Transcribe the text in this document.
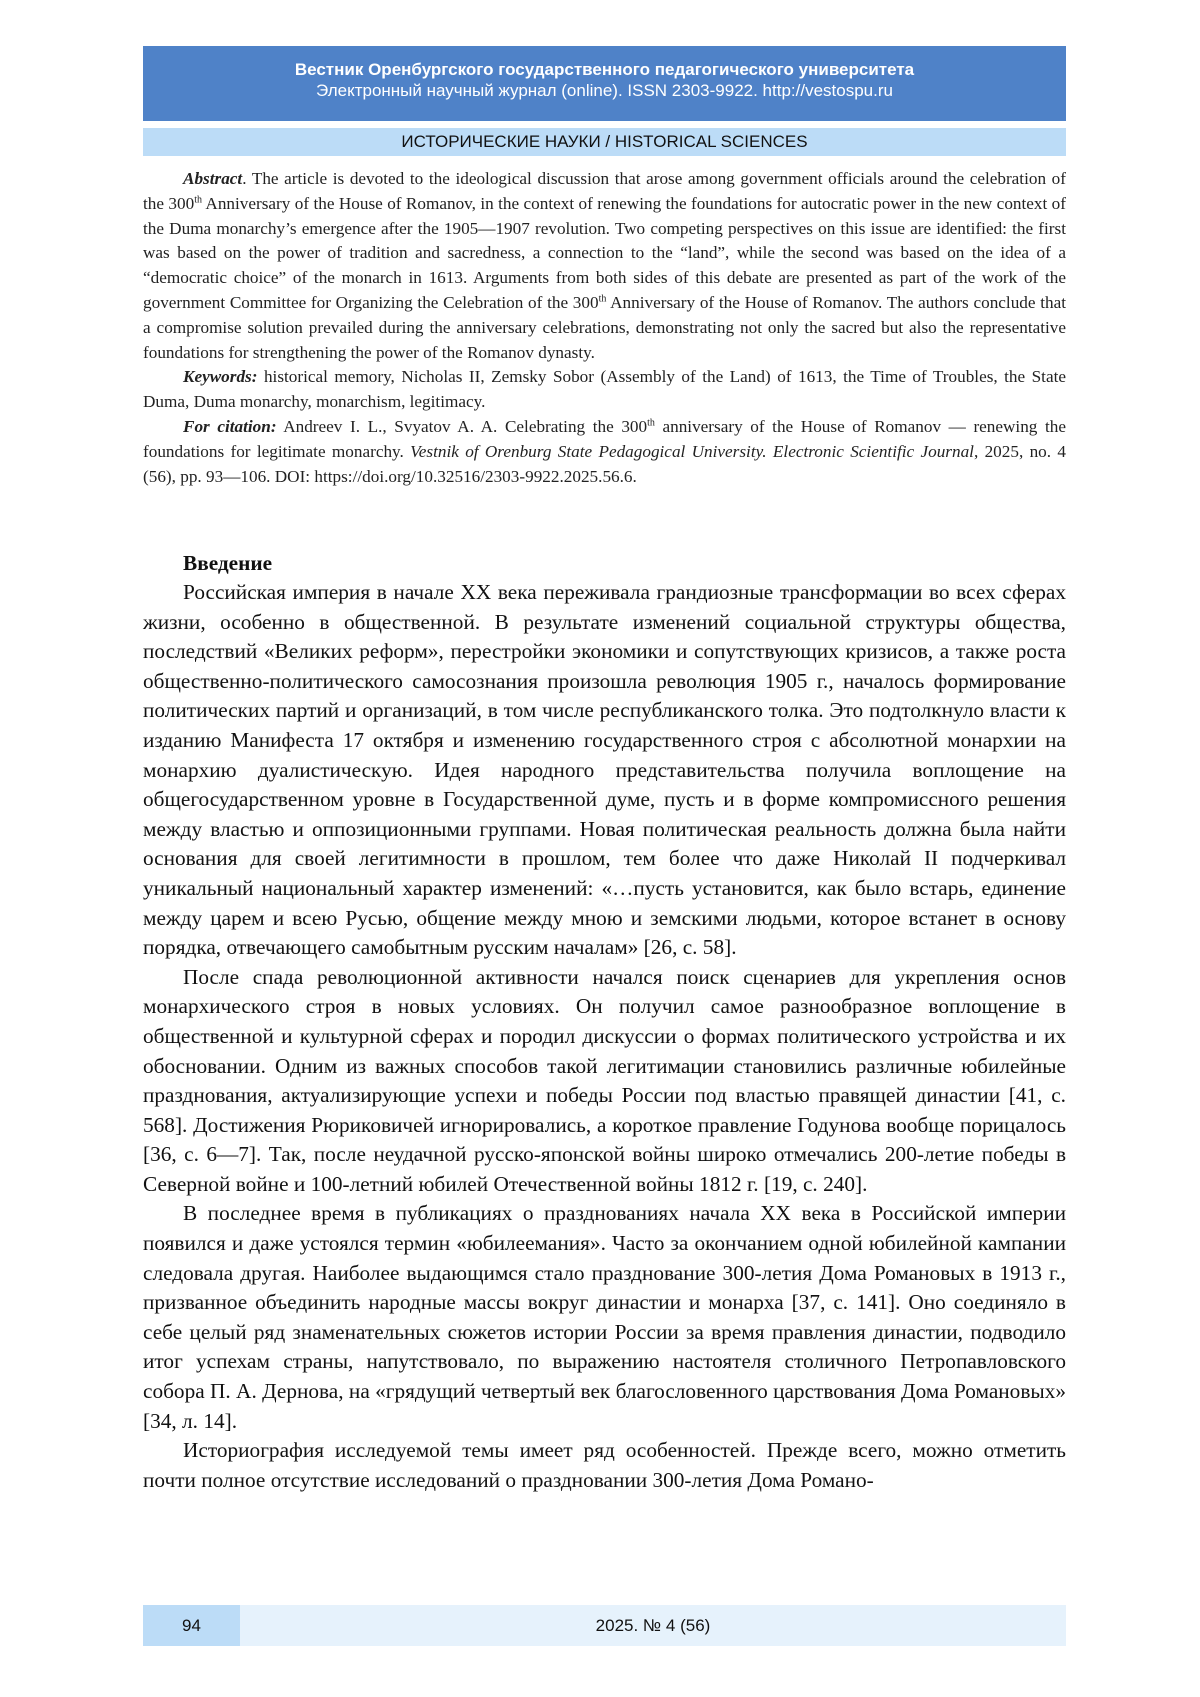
Вестник Оренбургского государственного педагогического университета
Электронный научный журнал (online). ISSN 2303-9922. http://vestospu.ru
ИСТОРИЧЕСКИЕ НАУКИ / HISTORICAL SCIENCES

Abstract. The article is devoted to the ideological discussion that arose among government officials around the celebration of the 300th Anniversary of the House of Romanov, in the context of renewing the foundations for autocratic power in the new context of the Duma monarchy’s emergence after the 1905—1907 revolution. Two competing perspectives on this issue are identified: the first was based on the power of tradition and sacredness, a connection to the “land”, while the second was based on the idea of a “democratic choice” of the monarch in 1613. Arguments from both sides of this debate are presented as part of the work of the government Committee for Organizing the Celebration of the 300th Anniversary of the House of Romanov. The authors conclude that a compromise solution prevailed during the anniversary celebrations, demonstrating not only the sacred but also the representative foundations for strengthening the power of the Romanov dynasty.

Keywords: historical memory, Nicholas II, Zemsky Sobor (Assembly of the Land) of 1613, the Time of Troubles, the State Duma, Duma monarchy, monarchism, legitimacy.

For citation: Andreev I. L., Svyatov A. A. Celebrating the 300th anniversary of the House of Romanov — renewing the foundations for legitimate monarchy. Vestnik of Orenburg State Pedagogical University. Electronic Scientific Journal, 2025, no. 4 (56), pp. 93—106. DOI: https://doi.org/10.32516/2303-9922.2025.56.6.

Введение

Российская империя в начале XX века переживала грандиозные трансформации во всех сферах жизни, особенно в общественной. В результате изменений социальной структуры общества, последствий «Великих реформ», перестройки экономики и сопутствующих кризисов, а также роста общественно-политического самосознания произошла революция 1905 г., началось формирование политических партий и организаций, в том числе республиканского толка. Это подтолкнуло власти к изданию Манифеста 17 октября и изменению государственного строя с абсолютной монархии на монархию дуалистическую. Идея народного представительства получила воплощение на общегосударственном уровне в Государственной думе, пусть и в форме компромиссного решения между властью и оппозиционными группами. Новая политическая реальность должна была найти основания для своей легитимности в прошлом, тем более что даже Николай II подчеркивал уникальный национальный характер изменений: «…пусть установится, как было встарь, единение между царем и всею Русью, общение между мною и земскими людьми, которое встанет в основу порядка, отвечающего самобытным русским началам» [26, с. 58].

После спада революционной активности начался поиск сценариев для укрепления основ монархического строя в новых условиях. Он получил самое разнообразное воплощение в общественной и культурной сферах и породил дискуссии о формах политического устройства и их обосновании. Одним из важных способов такой легитимации становились различные юбилейные празднования, актуализирующие успехи и победы России под властью правящей династии [41, с. 568]. Достижения Рюриковичей игнорировались, а короткое правление Годунова вообще порицалось [36, с. 6—7]. Так, после неудачной русско-японской войны широко отмечались 200-летие победы в Северной войне и 100-летний юбилей Отечественной войны 1812 г. [19, с. 240].

В последнее время в публикациях о празднованиях начала XX века в Российской империи появился и даже устоялся термин «юбилеемания». Часто за окончанием одной юбилейной кампании следовала другая. Наиболее выдающимся стало празднование 300-летия Дома Романовых в 1913 г., призванное объединить народные массы вокруг династии и монарха [37, с. 141]. Оно соединяло в себе целый ряд знаменательных сюжетов истории России за время правления династии, подводило итог успехам страны, напутствовало, по выражению настоятеля столичного Петропавловского собора П. А. Дернова, на «грядущий четвертый век благословенного царствования Дома Романовых» [34, л. 14].

Историография исследуемой темы имеет ряд особенностей. Прежде всего, можно отметить почти полное отсутствие исследований о праздновании 300-летия Дома Романо-

94	2025. № 4 (56)
